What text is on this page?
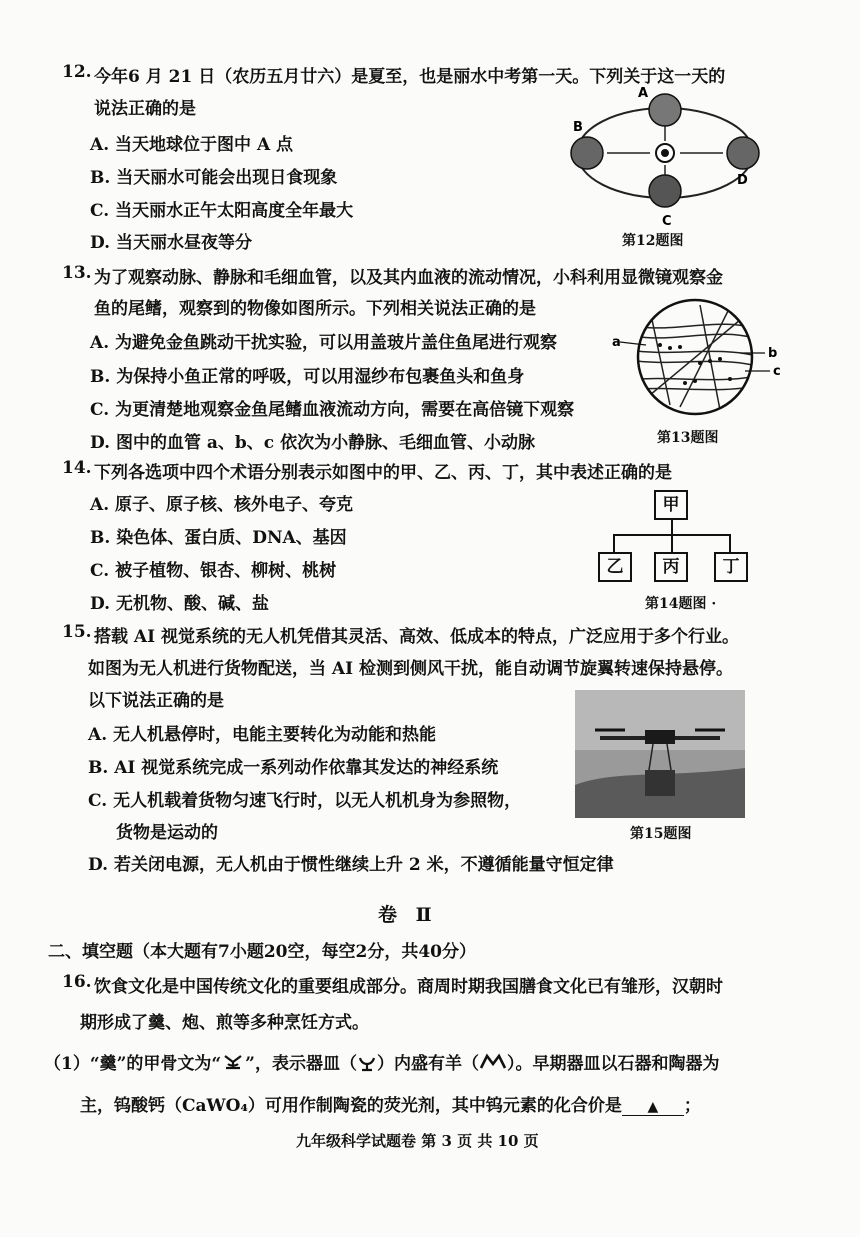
12. 今年6 月 21 日（农历五月廿六）是夏至，也是丽水中考第一天。下列关于这一天的
说法正确的是
A. 当天地球位于图中 A 点
B. 当天丽水可能会出现日食现象
C. 当天丽水正午太阳高度全年最大
D. 当天丽水昼夜等分
A
B
C
D
第12题图
13. 为了观察动脉、静脉和毛细血管，以及其内血液的流动情况，小科利用显微镜观察金
鱼的尾鳍，观察到的物像如图所示。下列相关说法正确的是
A. 为避免金鱼跳动干扰实验，可以用盖玻片盖住鱼尾进行观察
B. 为保持小鱼正常的呼吸，可以用湿纱布包裹鱼头和鱼身
C. 为更清楚地观察金鱼尾鳍血液流动方向，需要在高倍镜下观察
D. 图中的血管 a、b、c 依次为小静脉、毛细血管、小动脉
a
b
c
第13题图
14. 下列各选项中四个术语分别表示如图中的甲、乙、丙、丁，其中表述正确的是
A. 原子、原子核、核外电子、夸克
B. 染色体、蛋白质、DNA、基因
C. 被子植物、银杏、柳树、桃树
D. 无机物、酸、碱、盐
甲
乙	丙	丁
第14题图 ·
15. 搭载 AI 视觉系统的无人机凭借其灵活、高效、低成本的特点，广泛应用于多个行业。
如图为无人机进行货物配送，当 AI 检测到侧风干扰，能自动调节旋翼转速保持悬停。
以下说法正确的是
A. 无人机悬停时，电能主要转化为动能和热能
B. AI 视觉系统完成一系列动作依靠其发达的神经系统
C. 无人机载着货物匀速飞行时，以无人机机身为参照物，
货物是运动的
D. 若关闭电源，无人机由于惯性继续上升 2 米，不遵循能量守恒定律
第15题图
卷 Ⅱ
二、填空题（本大题有7小题20空，每空2分，共40分）
16. 饮食文化是中国传统文化的重要组成部分。商周时期我国膳食文化已有雏形，汉朝时
期形成了羹、炮、煎等多种烹饪方式。
（1）“羹”的甲骨文为“ ”，表示器皿（ ）内盛有羊（ ）。早期器皿以石器和陶器为
主，钨酸钙（CaWO₄）可用作制陶瓷的荧光剂，其中钨元素的化合价是 ▲ ；
九年级科学试题卷 第 3 页 共 10 页
